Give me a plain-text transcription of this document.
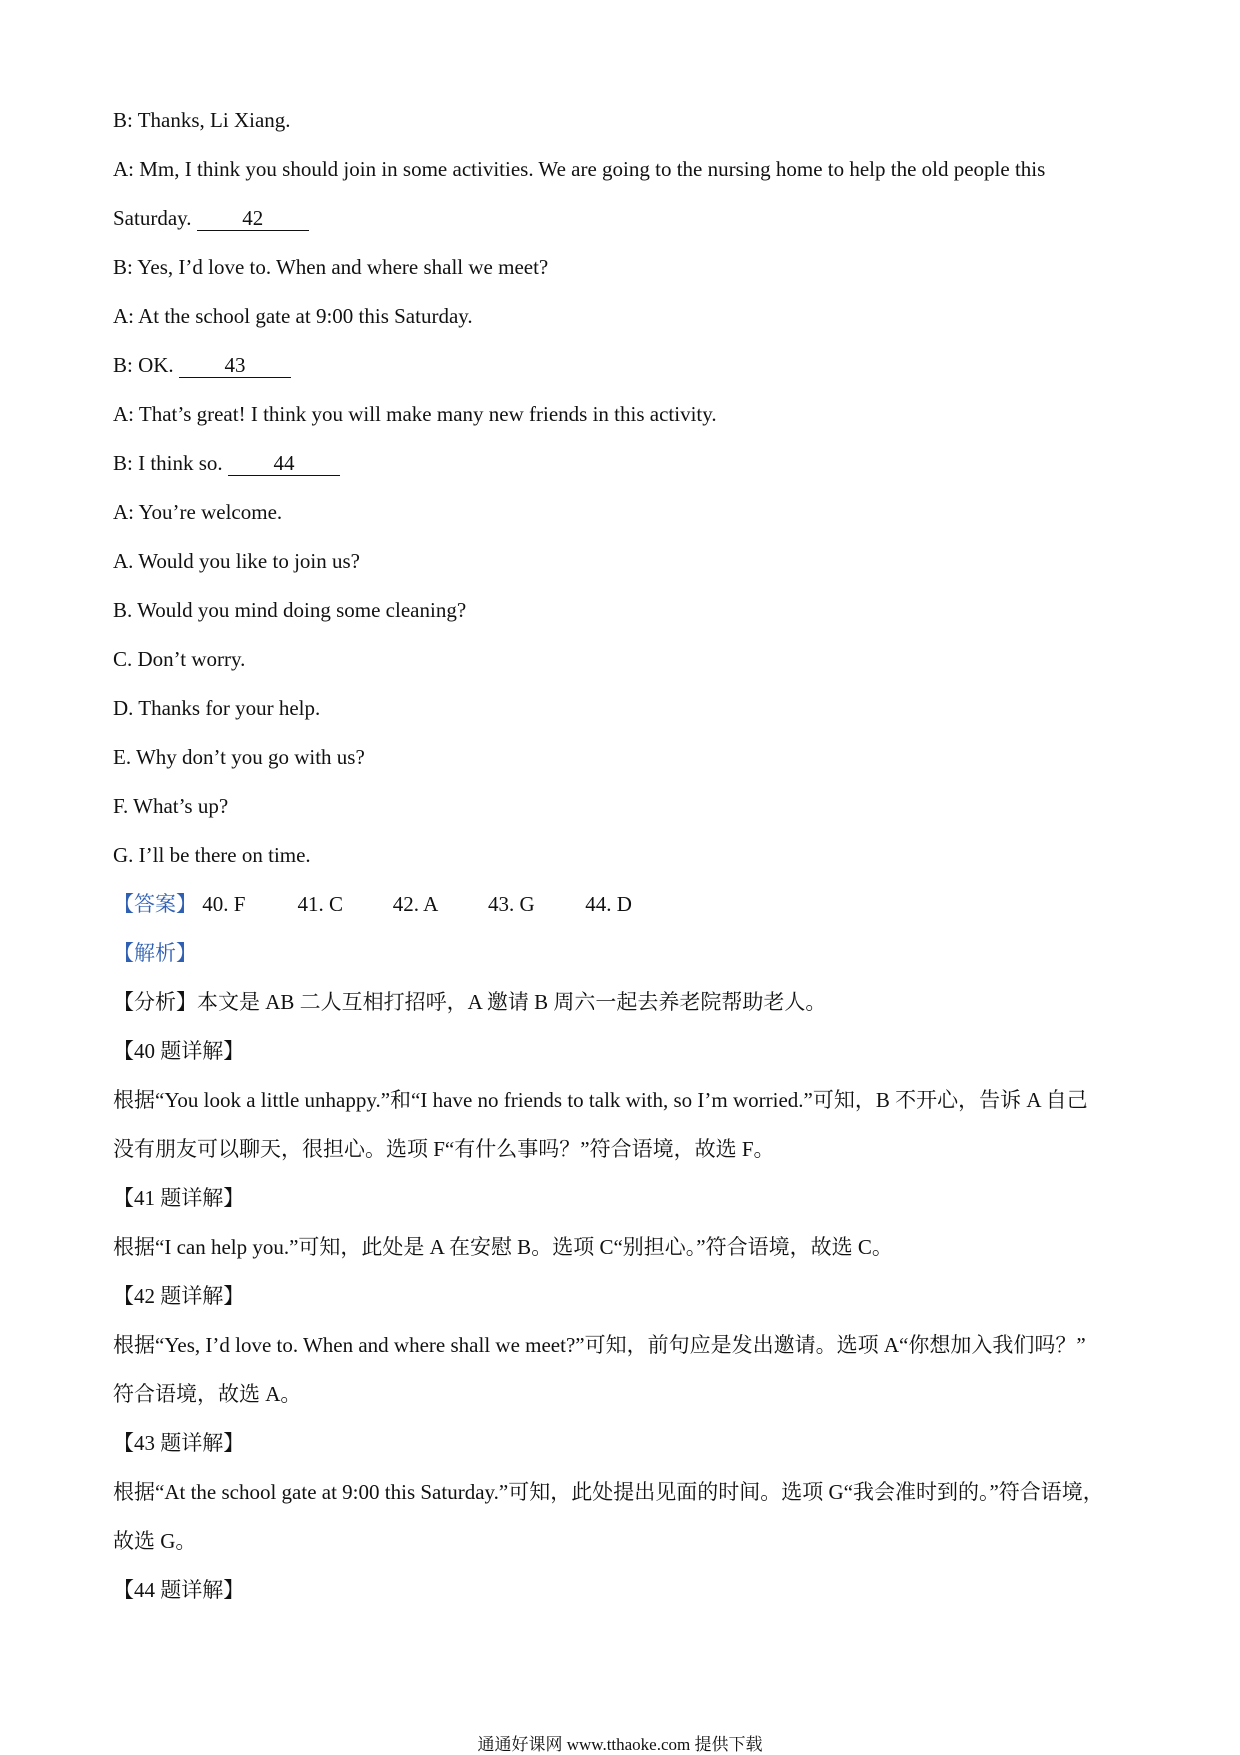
B: Thanks, Li Xiang.
A: Mm, I think you should join in some activities. We are going to the nursing home to help the old people this
Saturday. 42
B: Yes, I’d love to. When and where shall we meet?
A: At the school gate at 9:00 this Saturday.
B: OK. 43
A: That’s great! I think you will make many new friends in this activity.
B: I think so. 44
A: You’re welcome.
A. Would you like to join us?
B. Would you mind doing some cleaning?
C. Don’t worry.
D. Thanks for your help.
E. Why don’t you go with us?
F. What’s up?
G. I’ll be there on time.
【答案】 40. F 41. C 42. A 43. G 44. D
【解析】
【分析】本文是 AB 二人互相打招呼，A 邀请 B 周六一起去养老院帮助老人。
【40 题详解】
根据“You look a little unhappy.”和“I have no friends to talk with, so I’m worried.”可知，B 不开心，告诉 A 自己
没有朋友可以聊天，很担心。选项 F“有什么事吗？”符合语境，故选 F。
【41 题详解】
根据“I can help you.”可知，此处是 A 在安慰 B。选项 C“别担心。”符合语境，故选 C。
【42 题详解】
根据“Yes, I’d love to. When and where shall we meet?”可知，前句应是发出邀请。选项 A“你想加入我们吗？”
符合语境，故选 A。
【43 题详解】
根据“At the school gate at 9:00 this Saturday.”可知，此处提出见面的时间。选项 G“我会准时到的。”符合语境，
故选 G。
【44 题详解】
通通好课网 www.tthaoke.com 提供下载
